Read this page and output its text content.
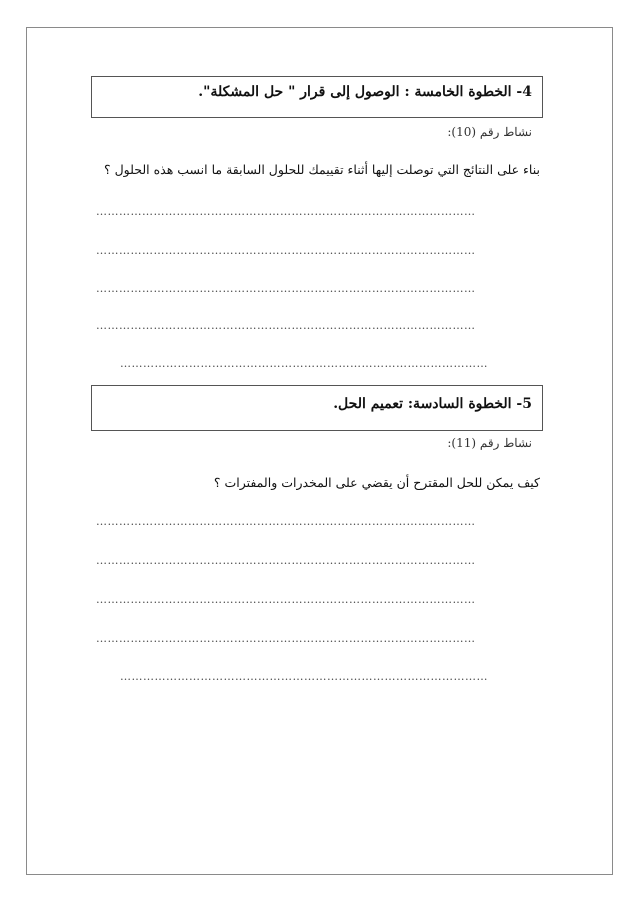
4- الخطوة الخامسة : الوصول إلى قرار " حل المشكلة".
نشاط رقم (10):
بناء على النتائج التي توصلت إليها أثناء تقييمك للحلول السابقة ما انسب هذه الحلول ؟
………………………………………………………………………………………
………………………………………………………………………………………
………………………………………………………………………………………
………………………………………………………………………………………
……………………………………………………………………………………
5- الخطوة السادسة: تعميم الحل.
نشاط رقم (11):
كيف يمكن للحل المقترح أن يقضي على المخدرات والمفترات ؟
………………………………………………………………………………………
………………………………………………………………………………………
………………………………………………………………………………………
………………………………………………………………………………………
……………………………………………………………………………………
